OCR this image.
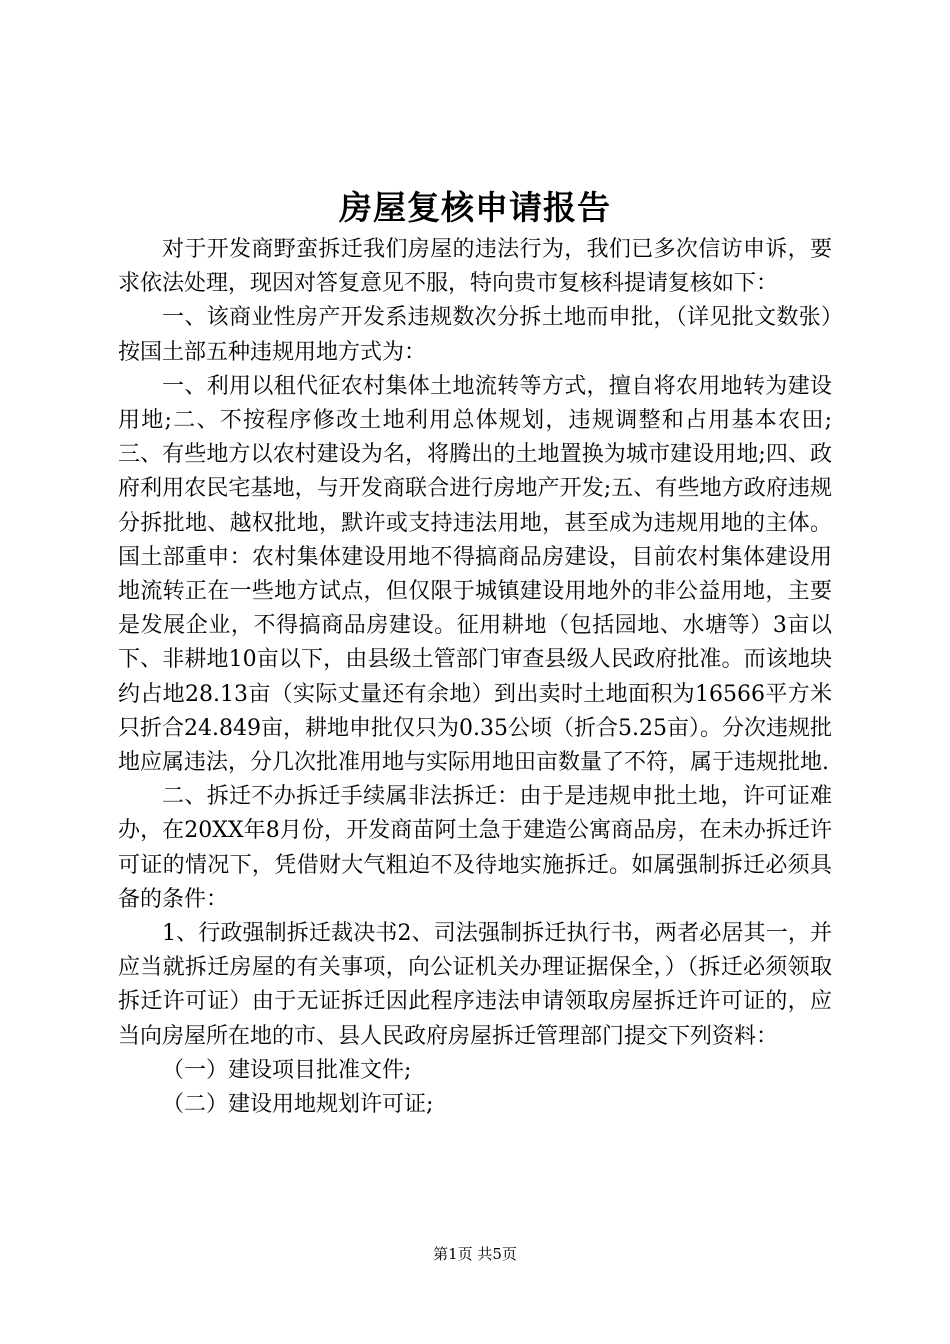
房屋复核申请报告

对于开发商野蛮拆迁我们房屋的违法行为，我们已多次信访申诉，要求依法处理，现因对答复意见不服，特向贵市复核科提请复核如下：

一、该商业性房产开发系违规数次分拆土地而申批，（详见批文数张）按国土部五种违规用地方式为：

一、利用以租代征农村集体土地流转等方式，擅自将农用地转为建设用地;二、不按程序修改土地利用总体规划，违规调整和占用基本农田;三、有些地方以农村建设为名，将腾出的土地置换为城市建设用地;四、政府利用农民宅基地，与开发商联合进行房地产开发;五、有些地方政府违规分拆批地、越权批地，默许或支持违法用地，甚至成为违规用地的主体。国土部重申：农村集体建设用地不得搞商品房建设，目前农村集体建设用地流转正在一些地方试点，但仅限于城镇建设用地外的非公益用地，主要是发展企业，不得搞商品房建设。征用耕地（包括园地、水塘等）3亩以下、非耕地10亩以下，由县级土管部门审查县级人民政府批准。而该地块约占地28.13亩（实际丈量还有余地）到出卖时土地面积为16566平方米只折合24.849亩，耕地申批仅只为0.35公顷（折合5.25亩）。分次违规批地应属违法，分几次批准用地与实际用地田亩数量了不符，属于违规批地.

二、拆迁不办拆迁手续属非法拆迁：由于是违规申批土地，许可证难办，在20XX年8月份，开发商苗阿土急于建造公寓商品房，在未办拆迁许可证的情况下，凭借财大气粗迫不及待地实施拆迁。如属强制拆迁必须具备的条件：

1、行政强制拆迁裁决书2、司法强制拆迁执行书，两者必居其一，并应当就拆迁房屋的有关事项，向公证机关办理证据保全，）（拆迁必须领取拆迁许可证）由于无证拆迁因此程序违法申请领取房屋拆迁许可证的，应当向房屋所在地的市、县人民政府房屋拆迁管理部门提交下列资料：

（一）建设项目批准文件;

（二）建设用地规划许可证;

第1页 共5页
